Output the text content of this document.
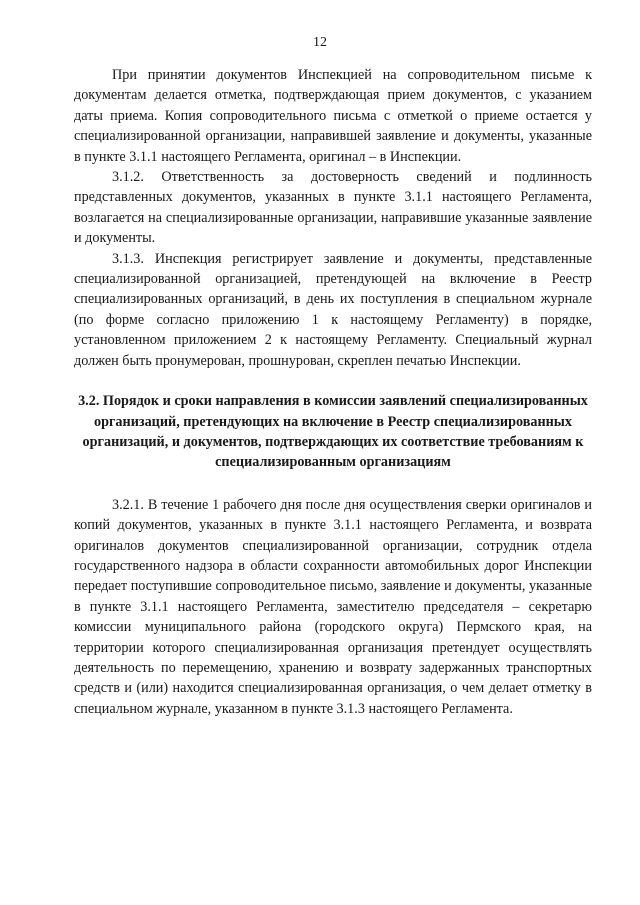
12

При принятии документов Инспекцией на сопроводительном письме к документам делается отметка, подтверждающая прием документов, с указанием даты приема. Копия сопроводительного письма с отметкой о приеме остается у специализированной организации, направившей заявление и документы, указанные в пункте 3.1.1 настоящего Регламента, оригинал – в Инспекции.

3.1.2. Ответственность за достоверность сведений и подлинность представленных документов, указанных в пункте 3.1.1 настоящего Регламента, возлагается на специализированные организации, направившие указанные заявление и документы.

3.1.3. Инспекция регистрирует заявление и документы, представленные специализированной организацией, претендующей на включение в Реестр специализированных организаций, в день их поступления в специальном журнале (по форме согласно приложению 1 к настоящему Регламенту) в порядке, установленном приложением 2 к настоящему Регламенту. Специальный журнал должен быть пронумерован, прошнурован, скреплен печатью Инспекции.

3.2. Порядок и сроки направления в комиссии заявлений специализированных организаций, претендующих на включение в Реестр специализированных организаций, и документов, подтверждающих их соответствие требованиям к специализированным организациям

3.2.1. В течение 1 рабочего дня после дня осуществления сверки оригиналов и копий документов, указанных в пункте 3.1.1 настоящего Регламента, и возврата оригиналов документов специализированной организации, сотрудник отдела государственного надзора в области сохранности автомобильных дорог Инспекции передает поступившие сопроводительное письмо, заявление и документы, указанные в пункте 3.1.1 настоящего Регламента, заместителю председателя – секретарю комиссии муниципального района (городского округа) Пермского края, на территории которого специализированная организация претендует осуществлять деятельность по перемещению, хранению и возврату задержанных транспортных средств и (или) находится специализированная организация, о чем делает отметку в специальном журнале, указанном в пункте 3.1.3 настоящего Регламента.
